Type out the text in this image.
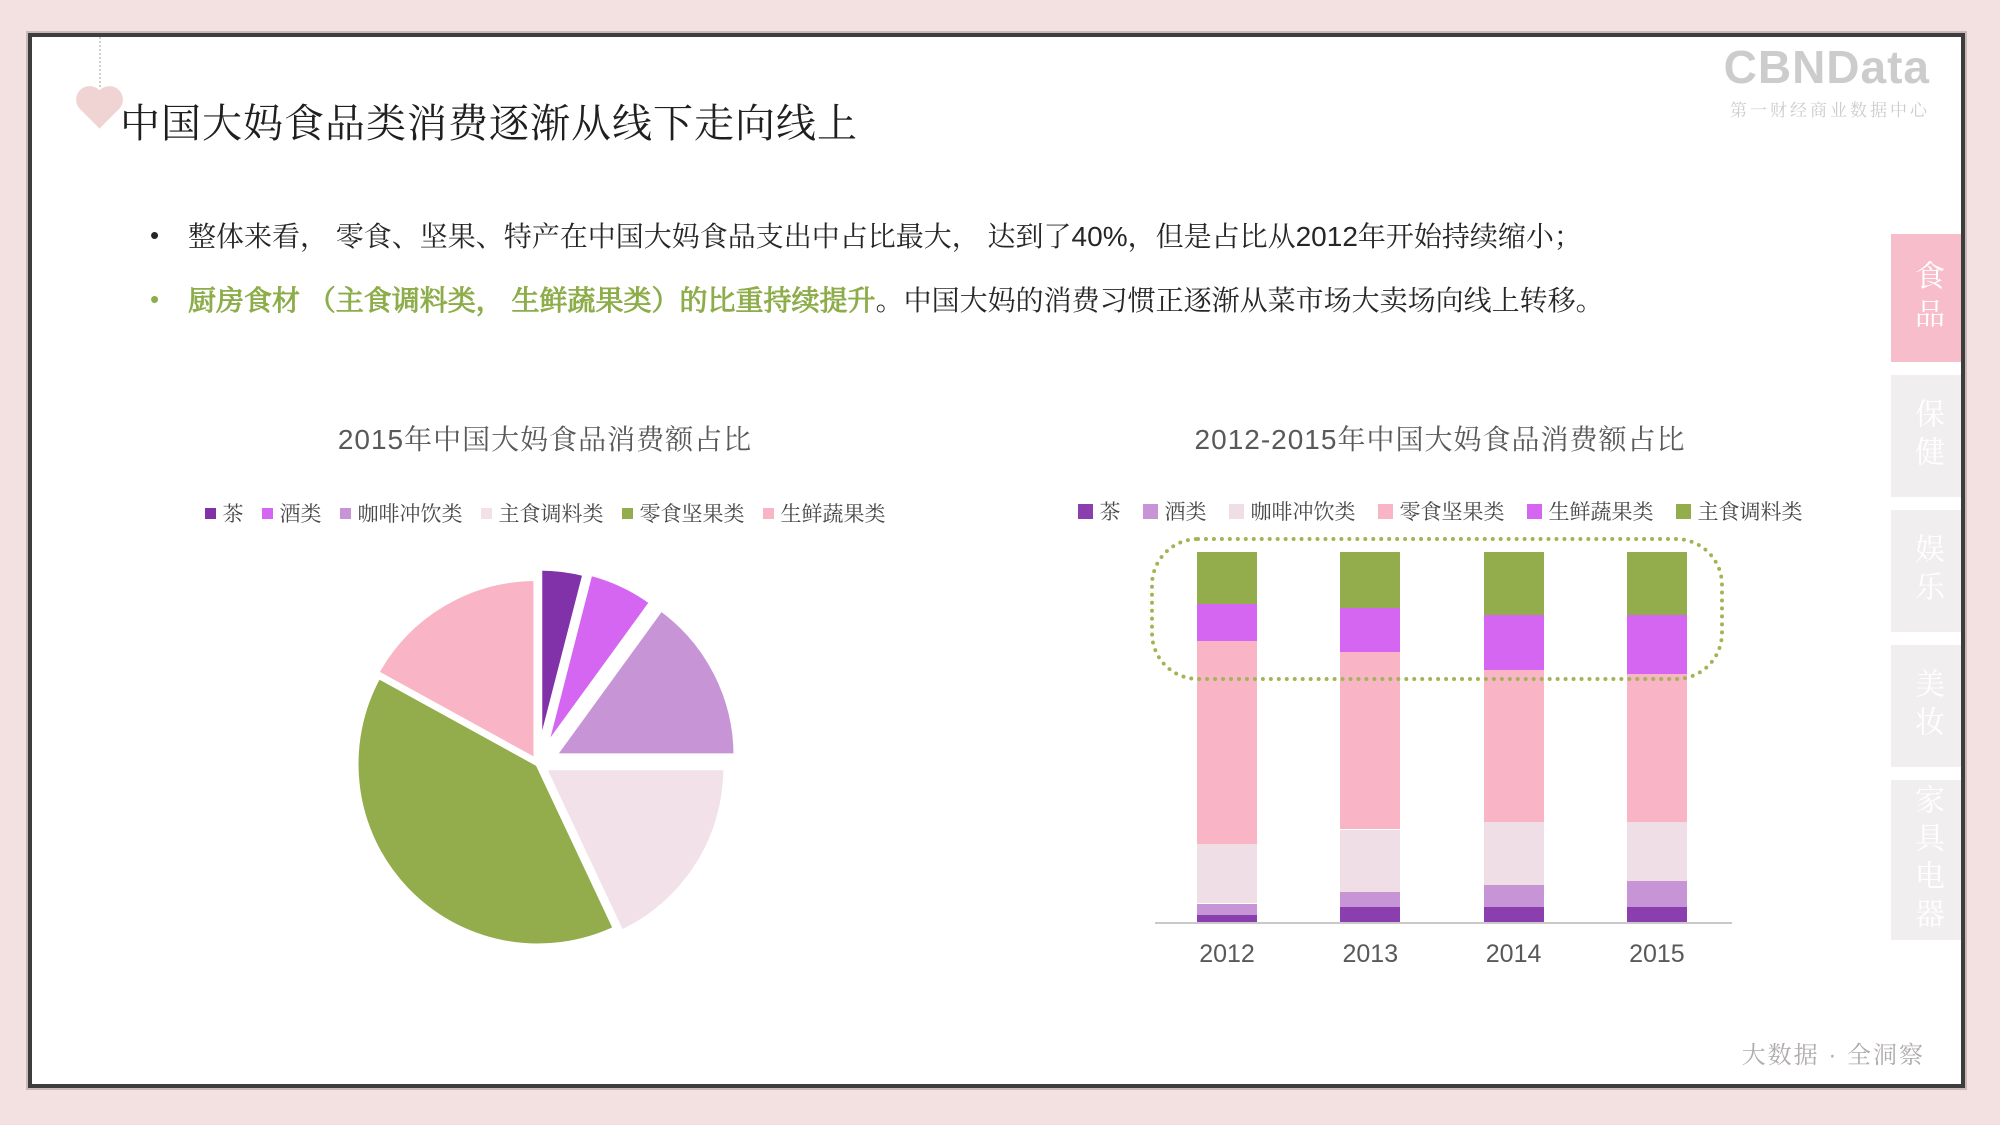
CBNData
第一财经商业数据中心
中国大妈食品类消费逐渐从线下走向线上
•	整体来看， 零食、坚果、特产在中国大妈食品支出中占比最大， 达到了40%，但是占比从2012年开始持续缩小；
•	厨房食材 （主食调料类， 生鲜蔬果类）的比重持续提升。中国大妈的消费习惯正逐渐从菜市场大卖场向线上转移。
2015年中国大妈食品消费额占比	2012-2015年中国大妈食品消费额占比
茶 酒类 咖啡冲饮类 主食调料类 零食坚果类 生鲜蔬果类	茶 酒类 咖啡冲饮类 零食坚果类 生鲜蔬果类 主食调料类
2012	2013	2014	2015
食品
保健
娱乐
美妆
家具电器
大数据 · 全洞察
